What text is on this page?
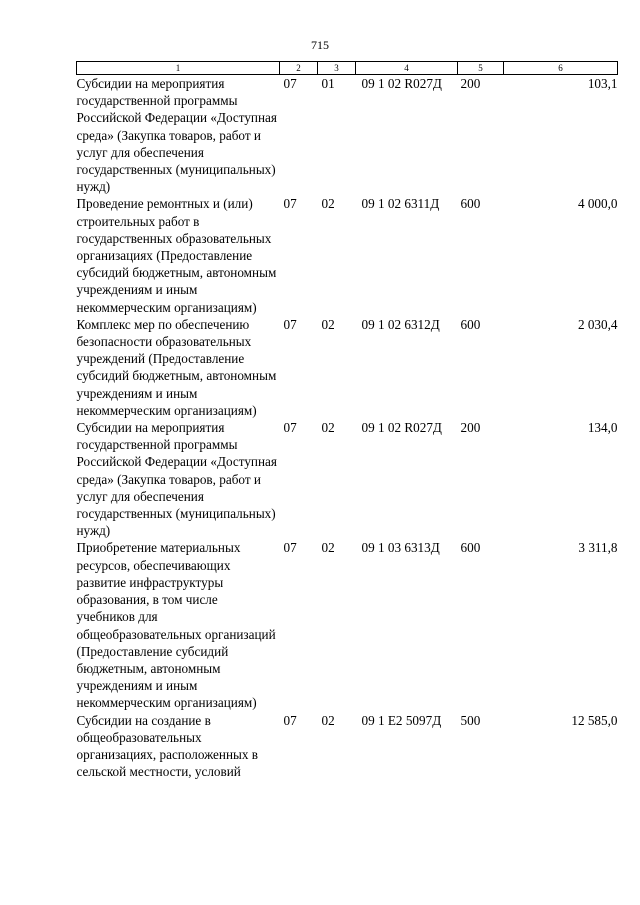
715
1	2	3	4	5	6
Субсидии на мероприятия государственной программы Российской Федерации «Доступная среда» (Закупка товаров, работ и услуг для обеспечения государственных (муниципальных) нужд)	07	01	09 1 02 R027Д	200	103,1
Проведение ремонтных и (или) строительных работ в государственных образовательных организациях (Предоставление субсидий бюджетным, автономным учреждениям и иным некоммерческим организациям)	07	02	09 1 02 6311Д	600	4 000,0
Комплекс мер по обеспечению безопасности образовательных учреждений (Предоставление субсидий бюджетным, автономным учреждениям и иным некоммерческим организациям)	07	02	09 1 02 6312Д	600	2 030,4
Субсидии на мероприятия государственной программы Российской Федерации «Доступная среда» (Закупка товаров, работ и услуг для обеспечения государственных (муниципальных) нужд)	07	02	09 1 02 R027Д	200	134,0
Приобретение материальных ресурсов, обеспечивающих развитие инфраструктуры образования, в том числе учебников для общеобразовательных организаций (Предоставление субсидий бюджетным, автономным учреждениям и иным некоммерческим организациям)	07	02	09 1 03 6313Д	600	3 311,8
Субсидии на создание в общеобразовательных организациях, расположенных в сельской местности, условий	07	02	09 1 E2 5097Д	500	12 585,0
